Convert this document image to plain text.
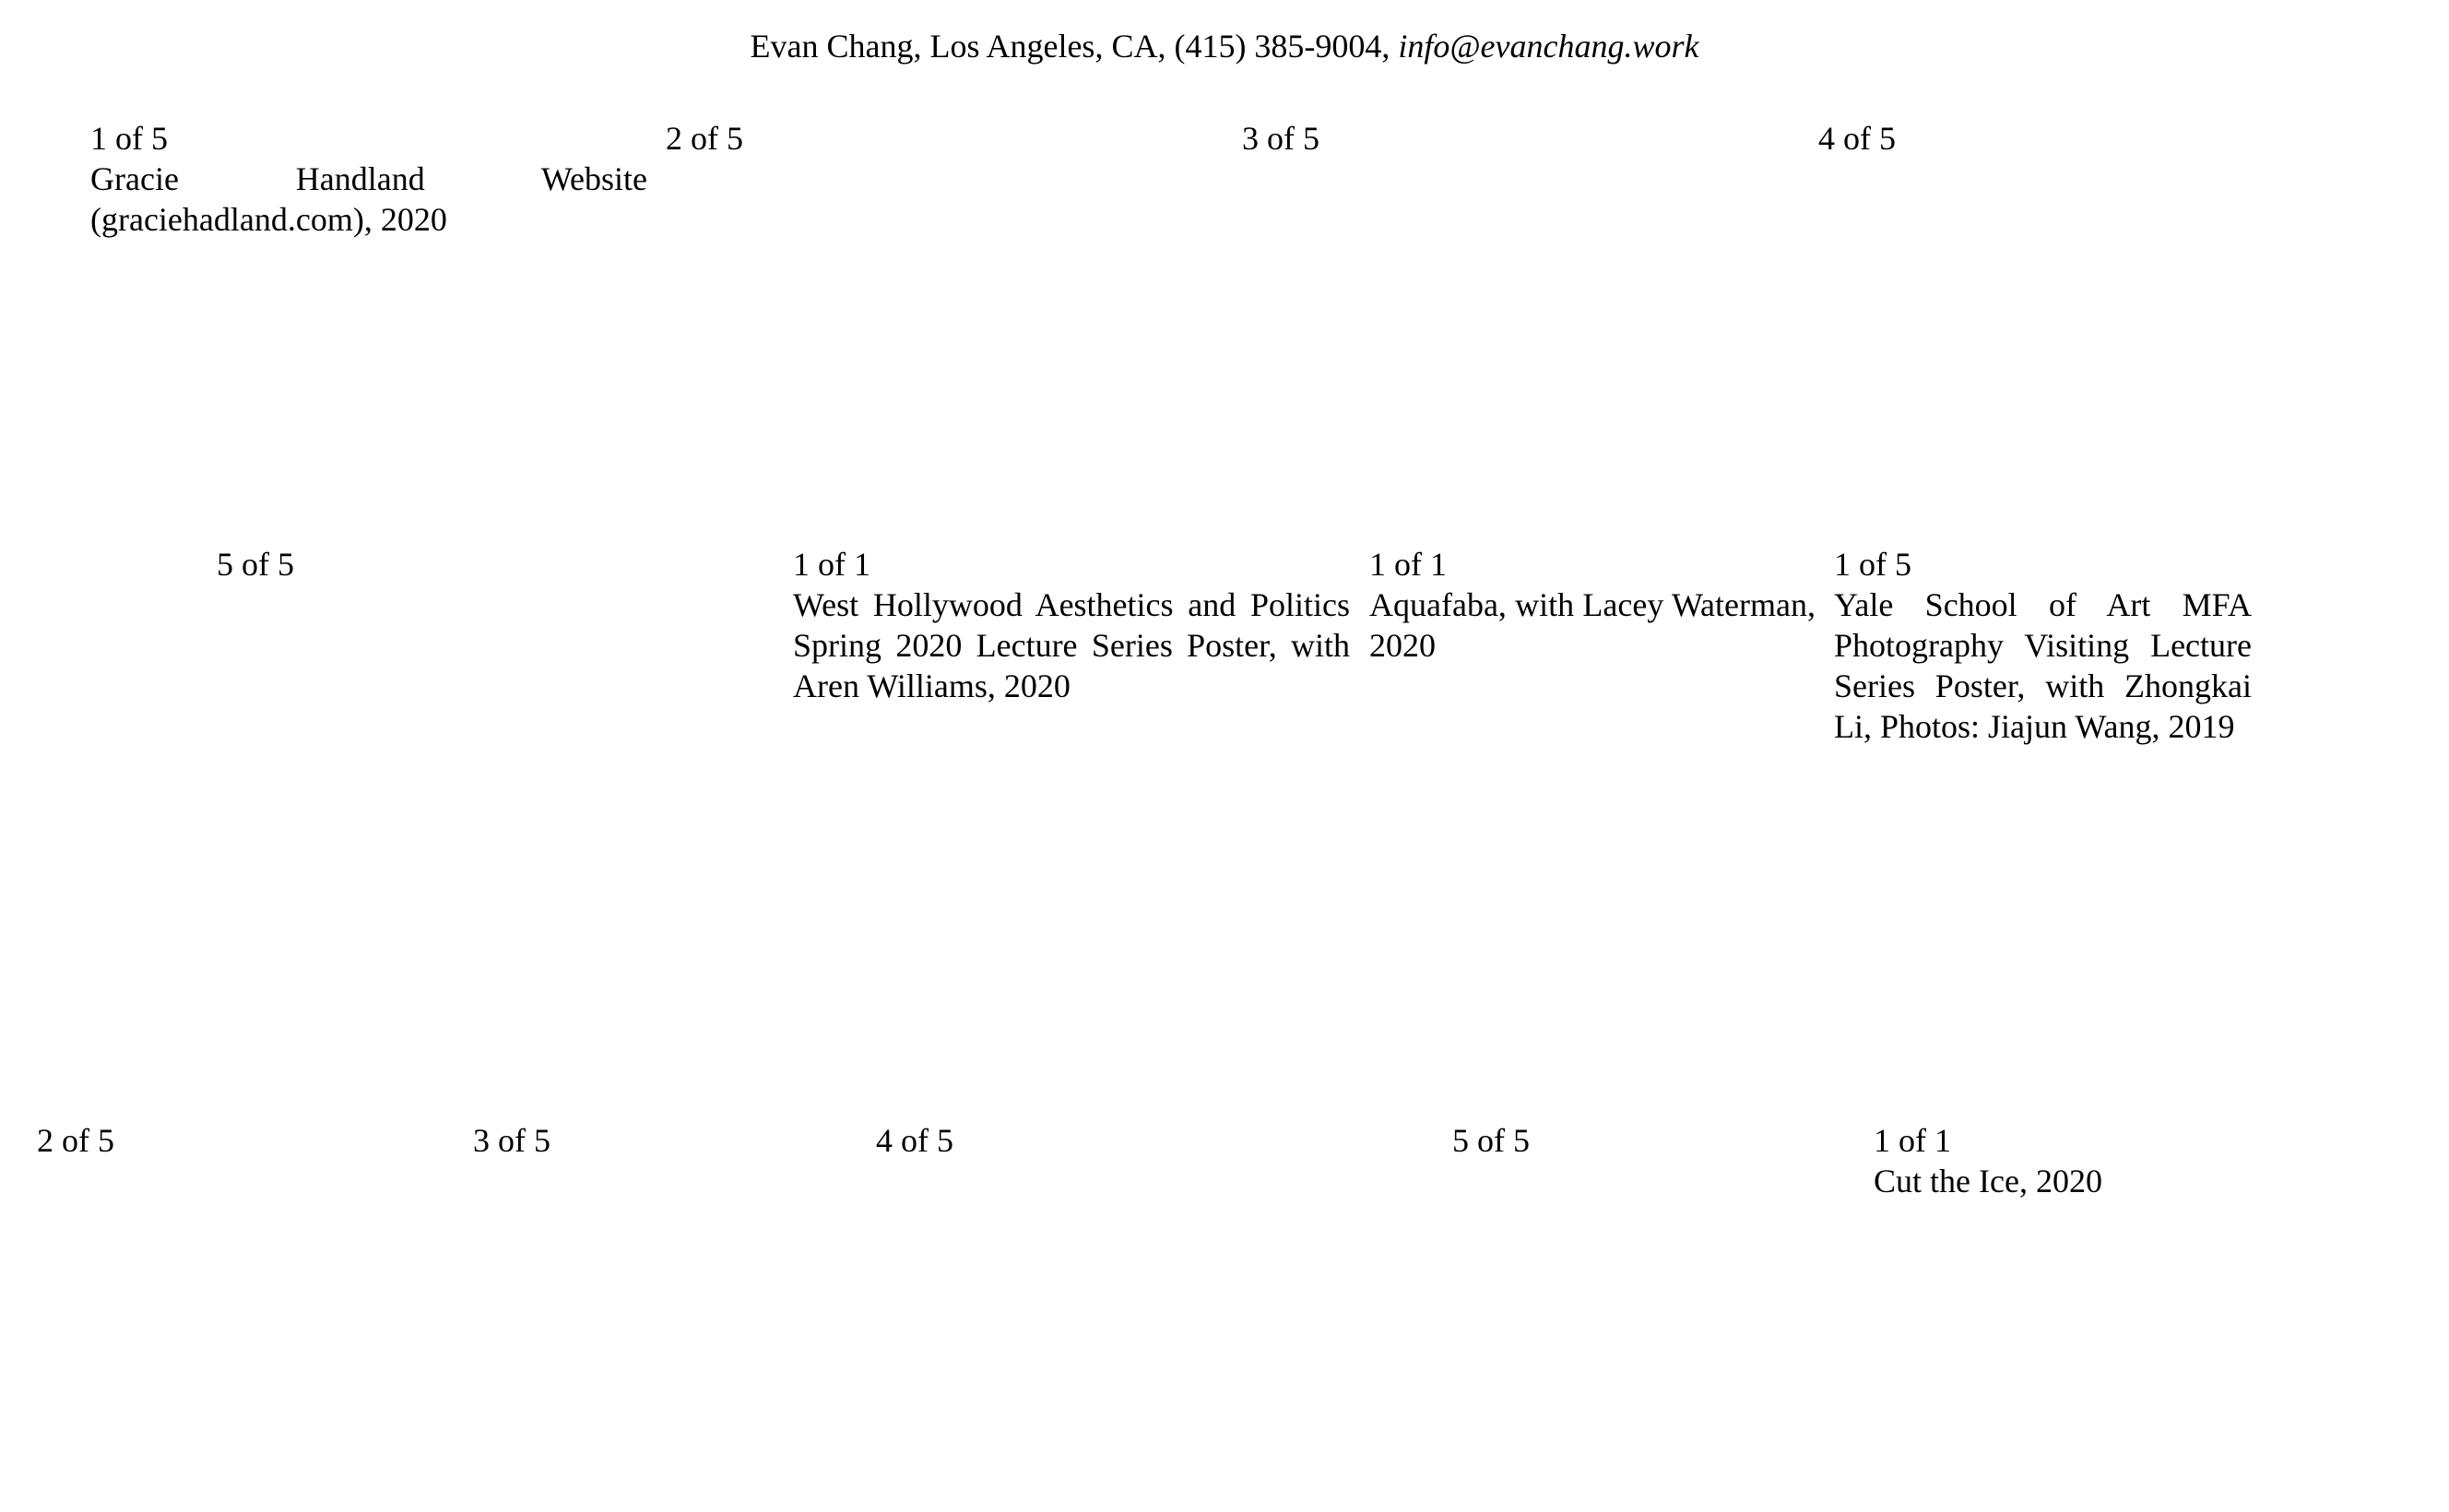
Evan Chang, Los Angeles, CA, (415) 385-9004, info@evanchang.work
1 of 5
Gracie Handland Website (graciehadland.com), 2020
2 of 5	3 of 5	4 of 5
5 of 5	1 of 1
West Hollywood Aesthetics and Politics Spring 2020 Lecture Series Poster, with Aren Williams, 2020
1 of 1
Aquafaba, with Lacey Waterman, 2020
1 of 5
Yale School of Art MFA Photography Visiting Lecture Series Poster, with Zhongkai Li, Photos: Jiajun Wang, 2019
2 of 5	3 of 5	4 of 5	5 of 5	1 of 1
Cut the Ice, 2020
